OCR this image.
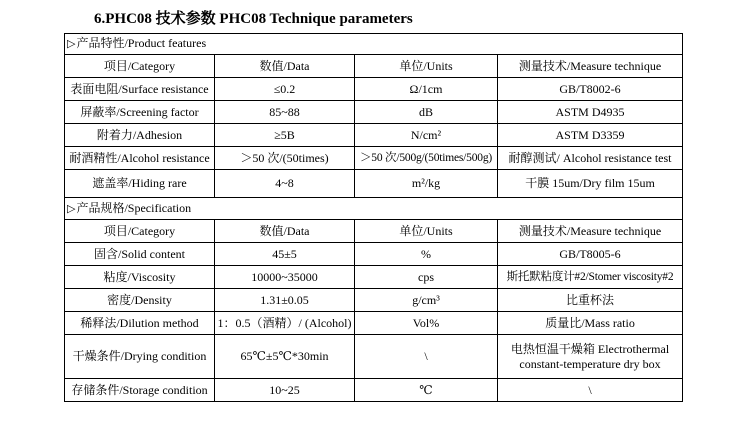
6.PHC08 技术参数 PHC08 Technique parameters
▷产品特性/Product features			
项目/Category	数值/Data	单位/Units	测量技术/Measure technique
表面电阻/Surface resistance	≤0.2	Ω/1cm	GB/T8002-6
屏蔽率/Screening factor	85~88	dB	ASTM D4935
附着力/Adhesion	≥5B	N/cm²	ASTM D3359
耐酒精性/Alcohol resistance	＞50 次/(50times)	＞50 次/500g/(50times/500g)	耐醇测试/ Alcohol resistance test
遮盖率/Hiding rare	4~8	m²/kg	干膜 15um/Dry film 15um
▷产品规格/Specification			
项目/Category	数值/Data	单位/Units	测量技术/Measure technique
固含/Solid content	45±5	%	GB/T8005-6
粘度/Viscosity	10000~35000	cps	斯托默粘度计#2/Stomer viscosity#2
密度/Density	1.31±0.05	g/cm³	比重杯法
稀释法/Dilution method	1：0.5（酒精）/ (Alcohol)	Vol%	质量比/Mass ratio
干燥条件/Drying condition	65℃±5℃*30min	\	电热恒温干燥箱 Electrothermal constant-temperature dry box
存储条件/Storage condition	10~25	℃	\
